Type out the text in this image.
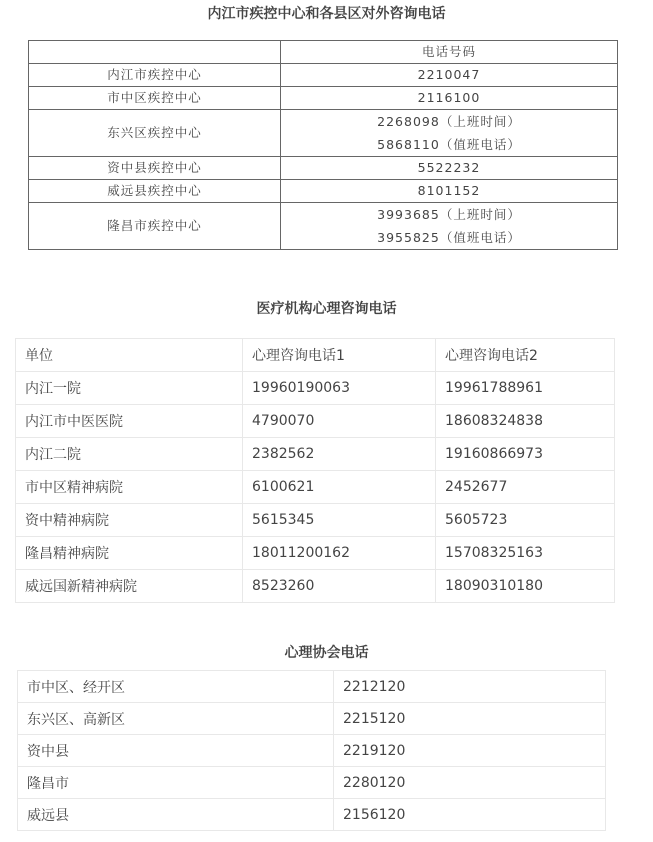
内江市疾控中心和各县区对外咨询电话
	电话号码
内江市疾控中心	2210047
市中区疾控中心	2116100
东兴区疾控中心	2268098（上班时间）
5868110（值班电话）

资中县疾控中心	5522232
威远县疾控中心	8101152
隆昌市疾控中心	3993685（上班时间）
3955825（值班电话）
医疗机构心理咨询电话
单位	心理咨询电话1	心理咨询电话2
内江一院	19960190063	19961788961
内江市中医医院	4790070	18608324838
内江二院	2382562	19160866973
市中区精神病院	6100621	2452677
资中精神病院	5615345	5605723
隆昌精神病院	18011200162	15708325163
威远国新精神病院	8523260	18090310180
心理协会电话
市中区、经开区	2212120
东兴区、高新区	2215120
资中县	2219120
隆昌市	2280120
威远县	2156120
